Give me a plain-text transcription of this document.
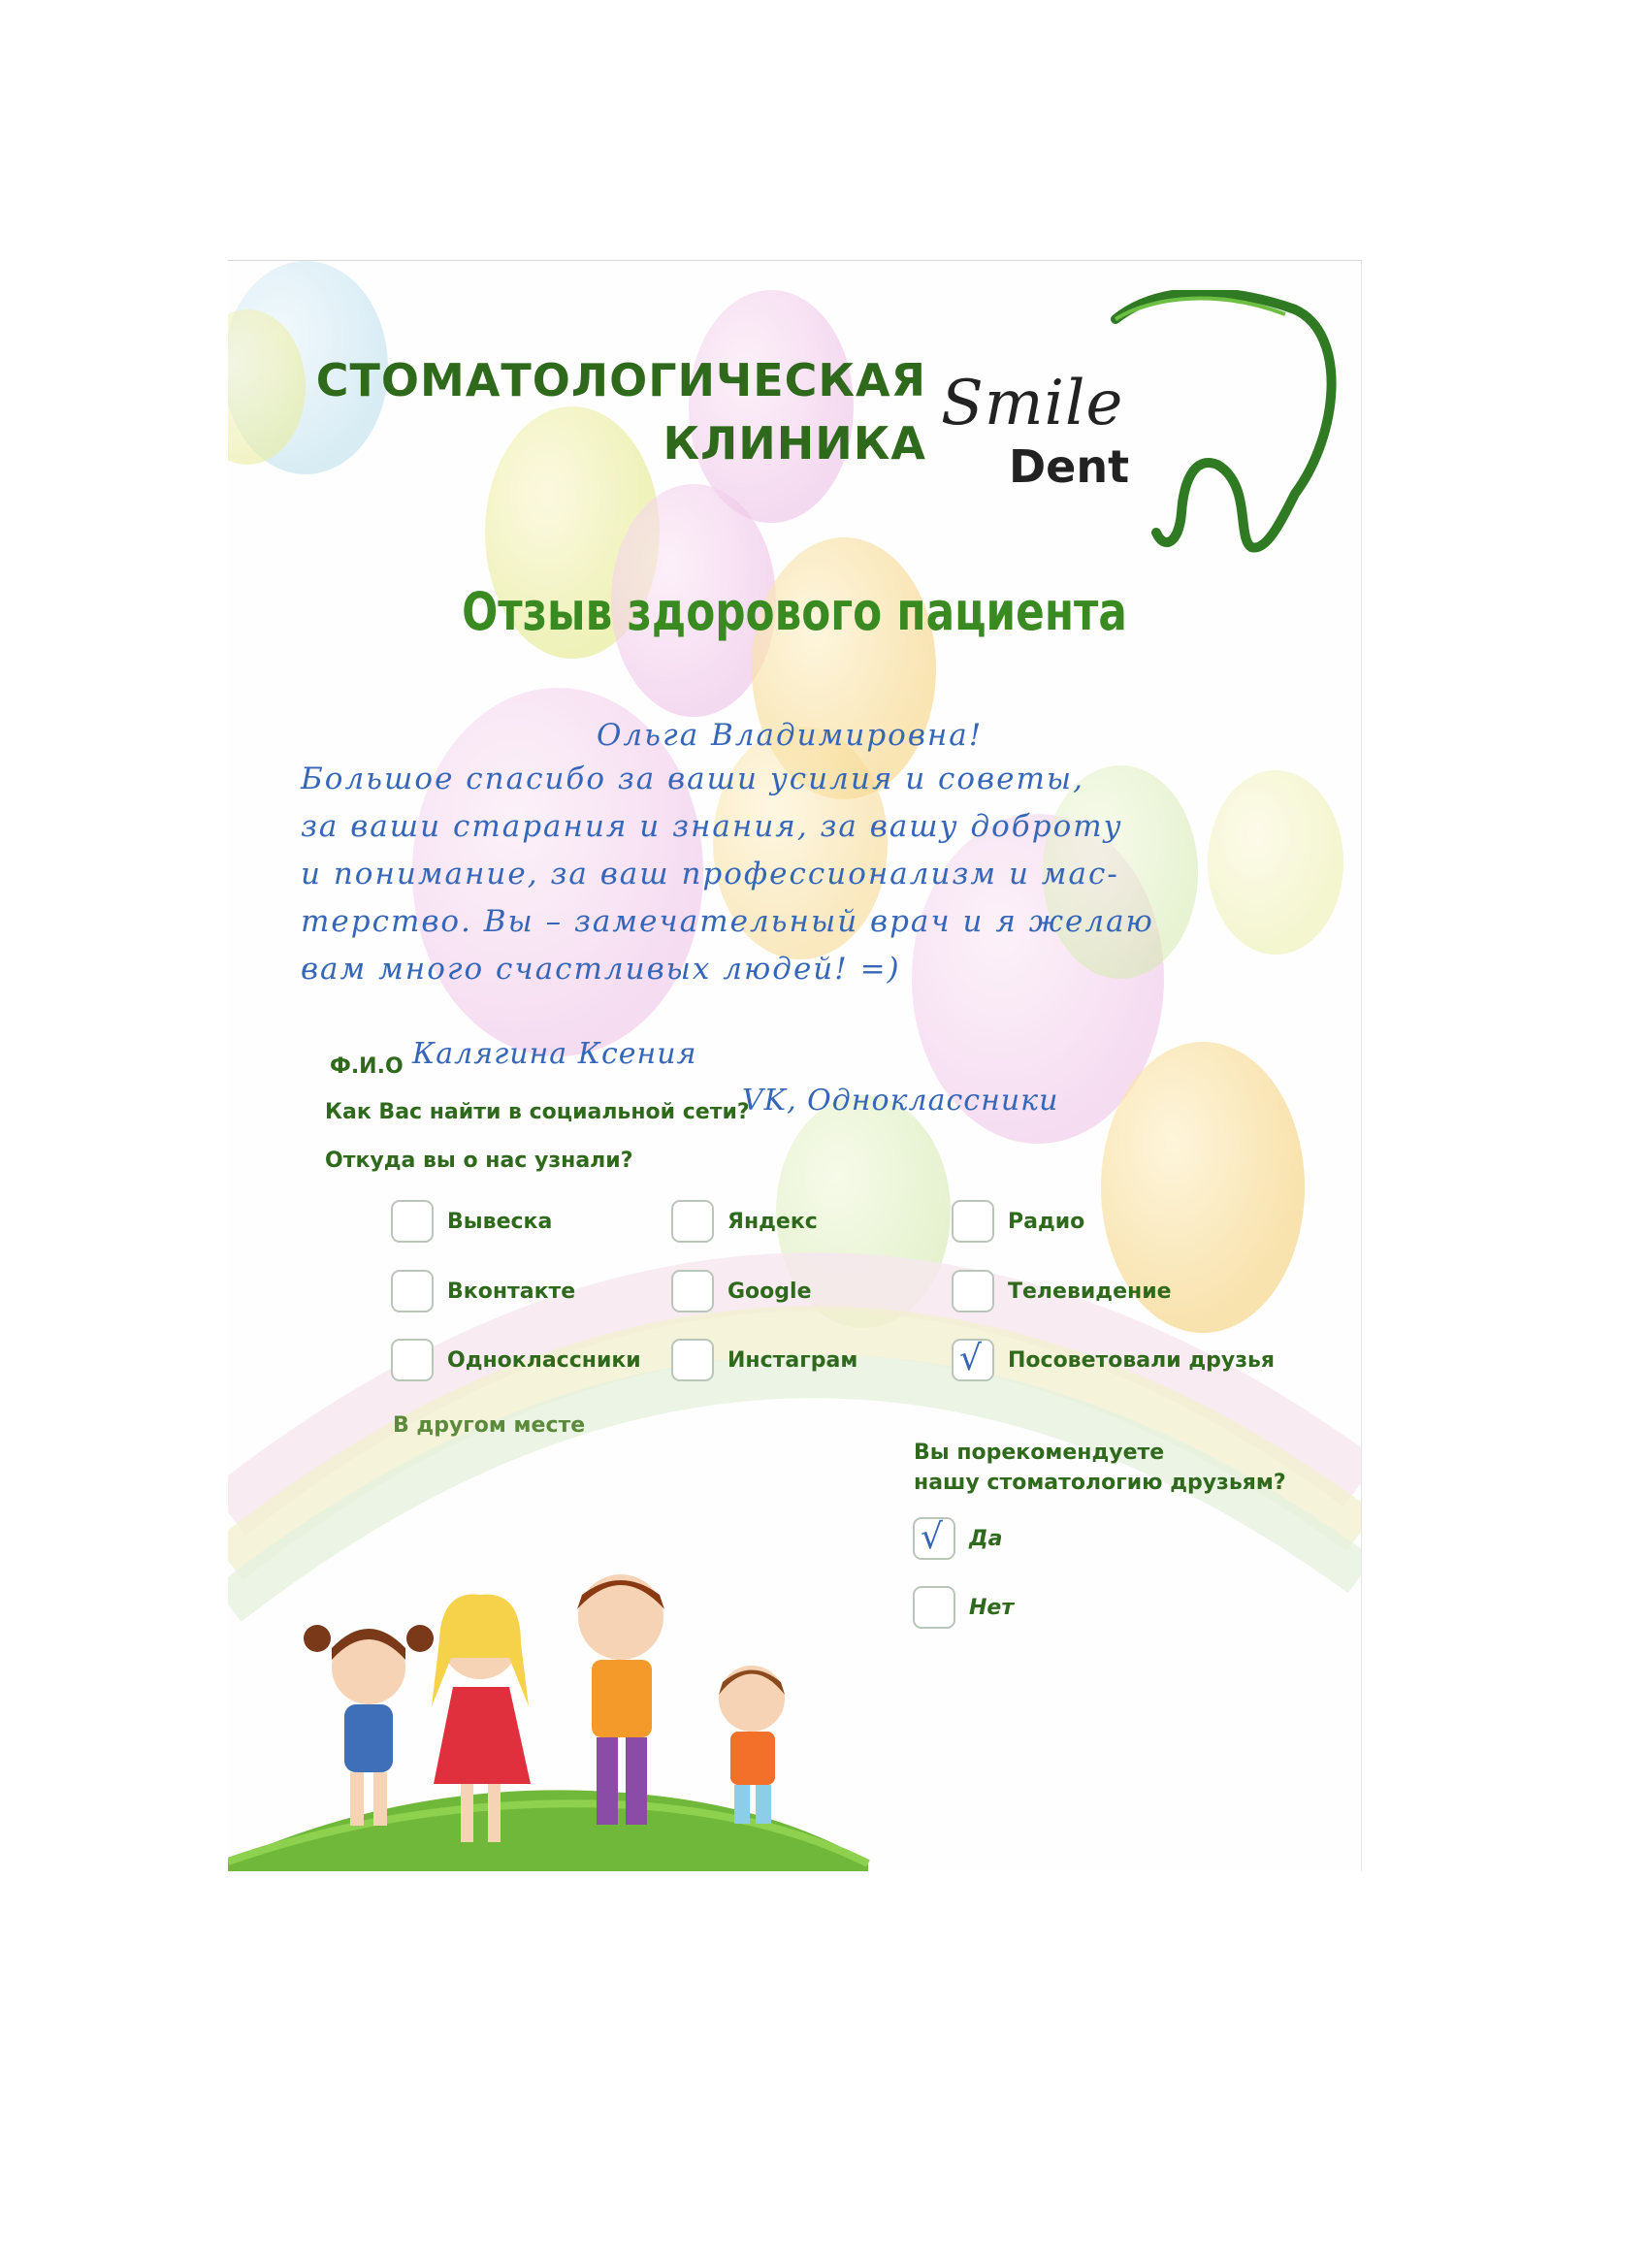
СТОМАТОЛОГИЧЕСКАЯ
КЛИНИКА
Smile
Dent
Отзыв здорового пациента
Ольга Владимировна!
Большое спасибо за ваши усилия и советы,
за ваши старания и знания, за вашу доброту
и понимание, за ваш профессионализм и мас-
терство. Вы – замечательный врач и я желаю
вам много счастливых людей! =)
Ф.И.О Калягина Ксения
Как Вас найти в социальной сети?
VK, Одноклассники
Откуда вы о нас узнали?
Вывеска	Яндекс	Радио
Вконтакте	Google	Телевидение
Одноклассники	Инстаграм
√	Посоветовали друзья
В другом месте
Вы порекомендуете
нашу стоматологию друзьям?
√
Да
Нет
